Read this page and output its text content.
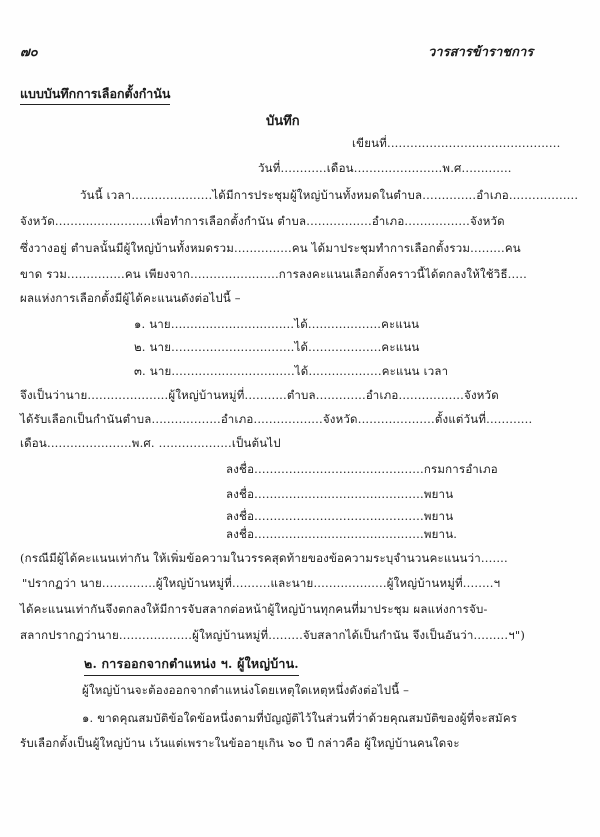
๗๐	วารสารข้าราชการ
แบบบันทึกการเลือกตั้งกำนัน
บันทึก
เขียนที่.............................................
วันที่............เดือน.......................พ.ศ.............
วันนี้ เวลา.....................ได้มีการประชุมผู้ใหญ่บ้านทั้งหมดในตำบล..............อำเภอ..................
จังหวัด.........................เพื่อทำการเลือกตั้งกำนัน ตำบล.................อำเภอ.................จังหวัด
ซึ่งวางอยู่ ตำบลนั้นมีผู้ใหญ่บ้านทั้งหมดรวม...............คน ได้มาประชุมทำการเลือกตั้งรวม.........คน
ขาด รวม...............คน เพียงจาก.......................การลงคะแนนเลือกตั้งคราวนี้ได้ตกลงให้ใช้วิธี.....
ผลแห่งการเลือกตั้งมีผู้ได้คะแนนดังต่อไปนี้ –
๑. นาย................................ได้...................คะแนน
๒. นาย................................ได้...................คะแนน
๓. นาย................................ได้...................คะแนน เวลา
จึงเป็นว่านาย.....................ผู้ใหญ่บ้านหมู่ที่...........ตำบล.............อำเภอ.................จังหวัด
ได้รับเลือกเป็นกำนันตำบล..................อำเภอ..................จังหวัด....................ตั้งแต่วันที่............
เดือน......................พ.ศ. ...................เป็นต้นไป
ลงชื่อ............................................กรมการอำเภอ
ลงชื่อ............................................พยาน
ลงชื่อ............................................พยาน
ลงชื่อ............................................พยาน.
(กรณีมีผู้ได้คะแนนเท่ากัน ให้เพิ่มข้อความในวรรคสุดท้ายของข้อความระบุจำนวนคะแนนว่า.......
"ปรากฏว่า นาย..............ผู้ใหญ่บ้านหมู่ที่..........และนาย...................ผู้ใหญ่บ้านหมู่ที่........ฯ
ได้คะแนนเท่ากันจึงตกลงให้มีการจับสลากต่อหน้าผู้ใหญ่บ้านทุกคนที่มาประชุม ผลแห่งการจับ-
สลากปรากฏว่านาย...................ผู้ใหญ่บ้านหมู่ที่.........จับสลากได้เป็นกำนัน จึงเป็นอันว่า.........ฯ")
๒. การออกจากตำแหน่ง ฯ. ผู้ใหญ่บ้าน.
ผู้ใหญ่บ้านจะต้องออกจากตำแหน่งโดยเหตุใดเหตุหนึ่งดังต่อไปนี้ –
๑. ขาดคุณสมบัติข้อใดข้อหนึ่งตามที่บัญญัติไว้ในส่วนที่ว่าด้วยคุณสมบัติของผู้ที่จะสมัคร
รับเลือกตั้งเป็นผู้ใหญ่บ้าน เว้นแต่เพราะในข้ออายุเกิน ๖๐ ปี กล่าวคือ ผู้ใหญ่บ้านคนใดจะ
